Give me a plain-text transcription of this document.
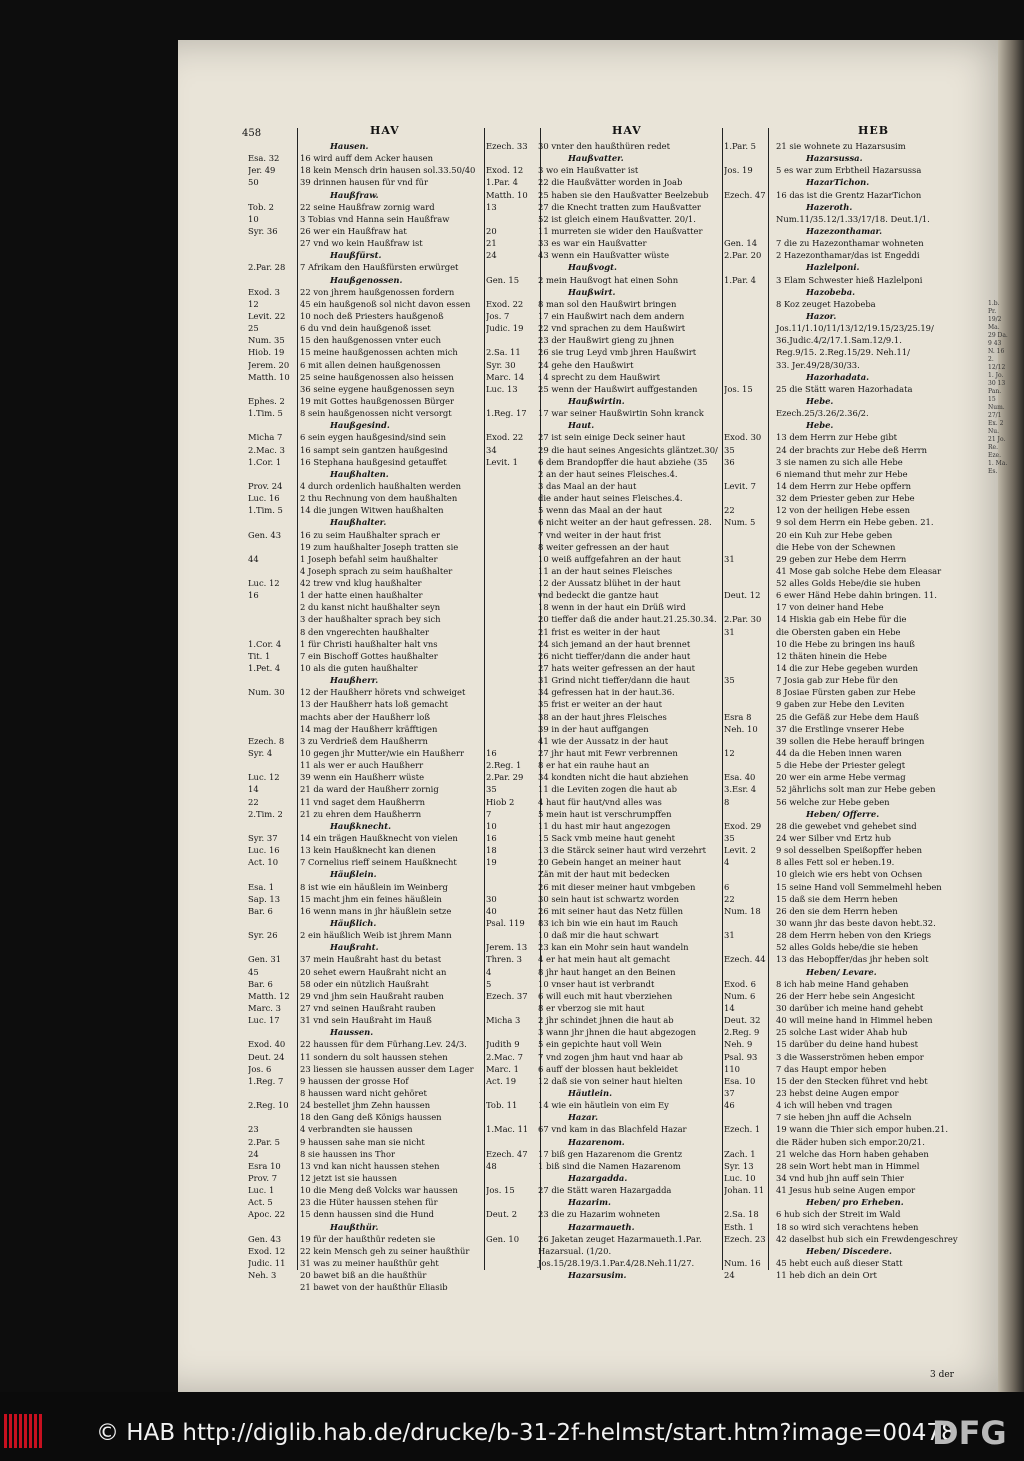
458	HAV	HAV	HEB
Hausen.
Esa. 32	16 wird auff dem Acker hausen
Jer. 49	18 kein Mensch drin hausen sol.33.50/40
50	39 drinnen hausen für vnd für
Haußfraw.
Tob. 2	22 seine Haußfraw zornig ward
10	3 Tobias vnd Hanna sein Haußfraw
Syr. 36	26 wer ein Haußfraw hat
27 vnd wo kein Haußfraw ist
Haußfürst.
2.Par. 28	7 Afrikam den Haußfürsten erwürget
Haußgenossen.
Exod. 3	22 von jhrem haußgenossen fordern
12	45 ein haußgenoß sol nicht davon essen
Levit. 22	10 noch deß Priesters haußgenoß
25	6 du vnd dein haußgenoß isset
Num. 35	15 den haußgenossen vnter euch
Hiob. 19	15 meine haußgenossen achten mich
Jerem. 20	6 mit allen deinen haußgenossen
Matth. 10	25 seine haußgenossen also heissen
36 seine eygene haußgenossen seyn
Ephes. 2	19 mit Gottes haußgenossen Bürger
1.Tim. 5	8 sein haußgenossen nicht versorgt
Haußgesind.
Micha 7	6 sein eygen haußgesind/sind sein
2.Mac. 3	16 sampt sein gantzen haußgesind
1.Cor. 1	16 Stephana haußgesind getauffet
Haußhalten.
Prov. 24	4 durch ordenlich haußhalten werden
Luc. 16	2 thu Rechnung von dem haußhalten
1.Tim. 5	14 die jungen Witwen haußhalten
Haußhalter.
Gen. 43	16 zu seim Haußhalter sprach er
19 zum haußhalter Joseph tratten sie
44	1 Joseph befahl seim haußhalter
4 Joseph sprach zu seim haußhalter
Luc. 12	42 trew vnd klug haußhalter
16	1 der hatte einen haußhalter
2 du kanst nicht haußhalter seyn
3 der haußhalter sprach bey sich
8 den vngerechten haußhalter
1.Cor. 4	1 für Christi haußhalter halt vns
Tit. 1	7 ein Bischoff Gottes haußhalter
1.Pet. 4	10 als die guten haußhalter
Haußherr.
Num. 30	12 der Haußherr hörets vnd schweiget
13 der Haußherr hats loß gemacht
machts aber der Haußherr loß
14 mag der Haußherr kräfftigen
Ezech. 8	3 zu Verdrieß dem Haußherrn
Syr. 4	10 gegen jhr Mutter/wie ein Haußherr
11 als wer er auch Haußherr
Luc. 12	39 wenn ein Haußherr wüste
14	21 da ward der Haußherr zornig
22	11 vnd saget dem Haußherrn
2.Tim. 2	21 zu ehren dem Haußherrn
Haußknecht.
Syr. 37	14 ein trägen Haußknecht von vielen
Luc. 16	13 kein Haußknecht kan dienen
Act. 10	7 Cornelius rieff seinem Haußknecht
Häußlein.
Esa. 1	8 ist wie ein häußlein im Weinberg
Sap. 13	15 macht jhm ein feines häußlein
Bar. 6	16 wenn mans in jhr häußlein setze
Häußlich.
Syr. 26	2 ein häußlich Weib ist jhrem Mann
Haußraht.
Gen. 31	37 mein Haußraht hast du betast
45	20 sehet ewern Haußraht nicht an
Bar. 6	58 oder ein nützlich Haußraht
Matth. 12	29 vnd jhm sein Haußraht rauben
Marc. 3	27 vnd seinen Haußraht rauben
Luc. 17	31 vnd sein Haußraht im Hauß
Haussen.
Exod. 40	22 haussen für dem Fürhang.Lev. 24/3.
Deut. 24	11 sondern du solt haussen stehen
Jos. 6	23 liessen sie haussen ausser dem Lager
1.Reg. 7	9 haussen der grosse Hof
8 haussen ward nicht gehöret
2.Reg. 10	24 bestellet jhm Zehn haussen
18 den Gang deß Königs haussen
23	4 verbrandten sie haussen
2.Par. 5	9 haussen sahe man sie nicht
24	8 sie haussen ins Thor
Esra 10	13 vnd kan nicht haussen stehen
Prov. 7	12 jetzt ist sie haussen
Luc. 1	10 die Meng deß Volcks war haussen
Act. 5	23 die Hüter haussen stehen für
Apoc. 22	15 denn haussen sind die Hund
Haußthür.
Gen. 43	19 für der haußthür redeten sie
Exod. 12	22 kein Mensch geh zu seiner haußthür
Judic. 11	31 was zu meiner haußthür geht
Neh. 3	20 bawet biß an die haußthür
21 bawet von der haußthür Eliasib
Ezech. 33	30 vnter den haußthüren redet
Haußvatter.
Exod. 12	3 wo ein Haußvatter ist
1.Par. 4	22 die Haußvätter worden in Joab
Matth. 10	25 haben sie den Haußvatter Beelzebub
13	27 die Knecht tratten zum Haußvatter
52 ist gleich einem Haußvatter. 20/1.
20	11 murreten sie wider den Haußvatter
21	33 es war ein Haußvatter
24	43 wenn ein Haußvatter wüste
Haußvogt.
Gen. 15	2 mein Haußvogt hat einen Sohn
Haußwirt.
Exod. 22	8 man sol den Haußwirt bringen
Jos. 7	17 ein Haußwirt nach dem andern
Judic. 19	22 vnd sprachen zu dem Haußwirt
23 der Haußwirt gieng zu jhnen
2.Sa. 11	26 sie trug Leyd vmb jhren Haußwirt
Syr. 30	24 gehe den Haußwirt
Marc. 14	14 sprecht zu dem Haußwirt
Luc. 13	25 wenn der Haußwirt auffgestanden
Haußwirtin.
1.Reg. 17	17 war seiner Haußwirtin Sohn kranck
Haut.
Exod. 22	27 ist sein einige Deck seiner haut
34	29 die haut seines Angesichts gläntzet.30/
Levit. 1	6 dem Brandopffer die haut abziehe (35
2 an der haut seines Fleisches.4.
3 das Maal an der haut
die ander haut seines Fleisches.4.
5 wenn das Maal an der haut
6 nicht weiter an der haut gefressen. 28.
7 vnd weiter in der haut frist
8 weiter gefressen an der haut
10 weiß auffgefahren an der haut
11 an der haut seines Fleisches
12 der Aussatz blühet in der haut
vnd bedeckt die gantze haut
18 wenn in der haut ein Drüß wird
20 tieffer daß die ander haut.21.25.30.34.
21 frist es weiter in der haut
24 sich jemand an der haut brennet
26 nicht tieffer/dann die ander haut
27 hats weiter gefressen an der haut
31 Grind nicht tieffer/dann die haut
34 gefressen hat in der haut.36.
35 frist er weiter an der haut
38 an der haut jhres Fleisches
39 in der haut auffgangen
41 wie der Aussatz in der haut
16	27 jhr haut mit Fewr verbrennen
2.Reg. 1	8 er hat ein rauhe haut an
2.Par. 29	34 kondten nicht die haut abziehen
35	11 die Leviten zogen die haut ab
Hiob 2	4 haut für haut/vnd alles was
7	5 mein haut ist verschrumpffen
10	11 du hast mir haut angezogen
16	15 Sack vmb meine haut geneht
18	13 die Stärck seiner haut wird verzehrt
19	20 Gebein hanget an meiner haut
Zän mit der haut mit bedecken
26 mit dieser meiner haut vmbgeben
30	30 sein haut ist schwartz worden
40	26 mit seiner haut das Netz füllen
Psal. 119	83 ich bin wie ein haut im Rauch
10 daß mir die haut schwart
Jerem. 13	23 kan ein Mohr sein haut wandeln
Thren. 3	4 er hat mein haut alt gemacht
4	8 jhr haut hanget an den Beinen
5	10 vnser haut ist verbrandt
Ezech. 37	6 will euch mit haut vberziehen
8 er vberzog sie mit haut
Micha 3	2 jhr schindet jhnen die haut ab
3 wann jhr jhnen die haut abgezogen
Judith 9	5 ein gepichte haut voll Wein
2.Mac. 7	7 vnd zogen jhm haut vnd haar ab
Marc. 1	6 auff der blossen haut bekleidet
Act. 19	12 daß sie von seiner haut hielten
Häutlein.
Tob. 11	14 wie ein häutlein von eim Ey
Hazar.
1.Mac. 11	67 vnd kam in das Blachfeld Hazar
Hazarenom.
Ezech. 47	17 biß gen Hazarenom die Grentz
48	1 biß sind die Namen Hazarenom
Hazargadda.
Jos. 15	27 die Stätt waren Hazargadda
Hazarim.
Deut. 2	23 die zu Hazarim wohneten
Hazarmaueth.
Gen. 10	26 Jaketan zeuget Hazarmaueth.1.Par.
Hazarsual. (1/20.
Jos.15/28.19/3.1.Par.4/28.Neh.11/27.
Hazarsusim.
1.Par. 5	21 sie wohnete zu Hazarsusim
Hazarsussa.
Jos. 19	5 es war zum Erbtheil Hazarsussa
HazarTichon.
Ezech. 47	16 das ist die Grentz HazarTichon
Hazeroth.
Num.11/35.12/1.33/17/18. Deut.1/1.
Hazezonthamar.
Gen. 14	7 die zu Hazezonthamar wohneten
2.Par. 20	2 Hazezonthamar/das ist Engeddi
Hazlelponi.
1.Par. 4	3 Elam Schwester hieß Hazlelponi
Hazobeba.
8 Koz zeuget Hazobeba
Hazor.
Jos.11/1.10/11/13/12/19.15/23/25.19/
36.Judic.4/2/17.1.Sam.12/9.1.
Reg.9/15. 2.Reg.15/29. Neh.11/
33. Jer.49/28/30/33.
Hazorhadata.
Jos. 15	25 die Stätt waren Hazorhadata
Hebe.
Ezech.25/3.26/2.36/2.
Hebe.
Exod. 30	13 dem Herrn zur Hebe gibt
35	24 der brachts zur Hebe deß Herrn
36	3 sie namen zu sich alle Hebe
6 niemand thut mehr zur Hebe
Levit. 7	14 dem Herrn zur Hebe opffern
32 dem Priester geben zur Hebe
22	12 von der heiligen Hebe essen
Num. 5	9 sol dem Herrn ein Hebe geben. 21.
20 ein Kuh zur Hebe geben
die Hebe von der Schewnen
31	29 geben zur Hebe dem Herrn
41 Mose gab solche Hebe dem Eleasar
52 alles Golds Hebe/die sie huben
Deut. 12	6 ewer Händ Hebe dahin bringen. 11.
17 von deiner hand Hebe
2.Par. 30	14 Hiskia gab ein Hebe für die
31	die Obersten gaben ein Hebe
10 die Hebe zu bringen ins hauß
12 thäten hinein die Hebe
14 die zur Hebe gegeben wurden
35	7 Josia gab zur Hebe für den
8 Josiae Fürsten gaben zur Hebe
9 gaben zur Hebe den Leviten
Esra 8	25 die Gefäß zur Hebe dem Hauß
Neh. 10	37 die Erstlinge vnserer Hebe
39 sollen die Hebe herauff bringen
12	44 da die Heben innen waren
5 die Hebe der Priester gelegt
Esa. 40	20 wer ein arme Hebe vermag
3.Esr. 4	52 jährlichs solt man zur Hebe geben
8	56 welche zur Hebe geben
Heben/ Offerre.
Exod. 29	28 die gewebet vnd gehebet sind
35	24 wer Silber vnd Ertz hub
Levit. 2	9 sol desselben Speißopffer heben
4	8 alles Fett sol er heben.19.
10 gleich wie ers hebt von Ochsen
6	15 seine Hand voll Semmelmehl heben
22	15 daß sie dem Herrn heben
Num. 18	26 den sie dem Herrn heben
30 wann jhr das beste davon hebt.32.
31	28 dem Herrn heben von den Kriegs
52 alles Golds hebe/die sie heben
Ezech. 44	13 das Hebopffer/das jhr heben solt
Heben/ Levare.
Exod. 6	8 ich hab meine Hand gehaben
Num. 6	26 der Herr hebe sein Angesicht
14	30 darüber ich meine hand gehebt
Deut. 32	40 will meine hand in Himmel heben
2.Reg. 9	25 solche Last wider Ahab hub
Neh. 9	15 darüber du deine hand hubest
Psal. 93	3 die Wasserströmen heben empor
110	7 das Haupt empor heben
Esa. 10	15 der den Stecken führet vnd hebt
37	23 hebst deine Augen empor
46	4 ich will heben vnd tragen
7 sie heben jhn auff die Achseln
Ezech. 1	19 wann die Thier sich empor huben.21.
die Räder huben sich empor.20/21.
Zach. 1	21 welche das Horn haben gehaben
Syr. 13	28 sein Wort hebt man in Himmel
Luc. 10	34 vnd hub jhn auff sein Thier
Johan. 11	41 Jesus hub seine Augen empor
Heben/ pro Erheben.
2.Sa. 18	6 hub sich der Streit im Wald
Esth. 1	18 so wird sich verachtens heben
Ezech. 23	42 daselbst hub sich ein Frewdengeschrey
Heben/ Discedere.
Num. 16	45 hebt euch auß dieser Statt
24	11 heb dich an dein Ort
1.b. Pr. 19/2 Ma. 29 Da. 9 43 N. 16 2. 12/12 1. Jo. 30 13 Pan. 15 Num. 27/1 Ex. 2 Nu. 21 Jo. Re. Eze. 1. Ma. Es.
3 der
© HAB http://diglib.hab.de/drucke/b-31-2f-helmst/start.htm?image=00478
DFG
